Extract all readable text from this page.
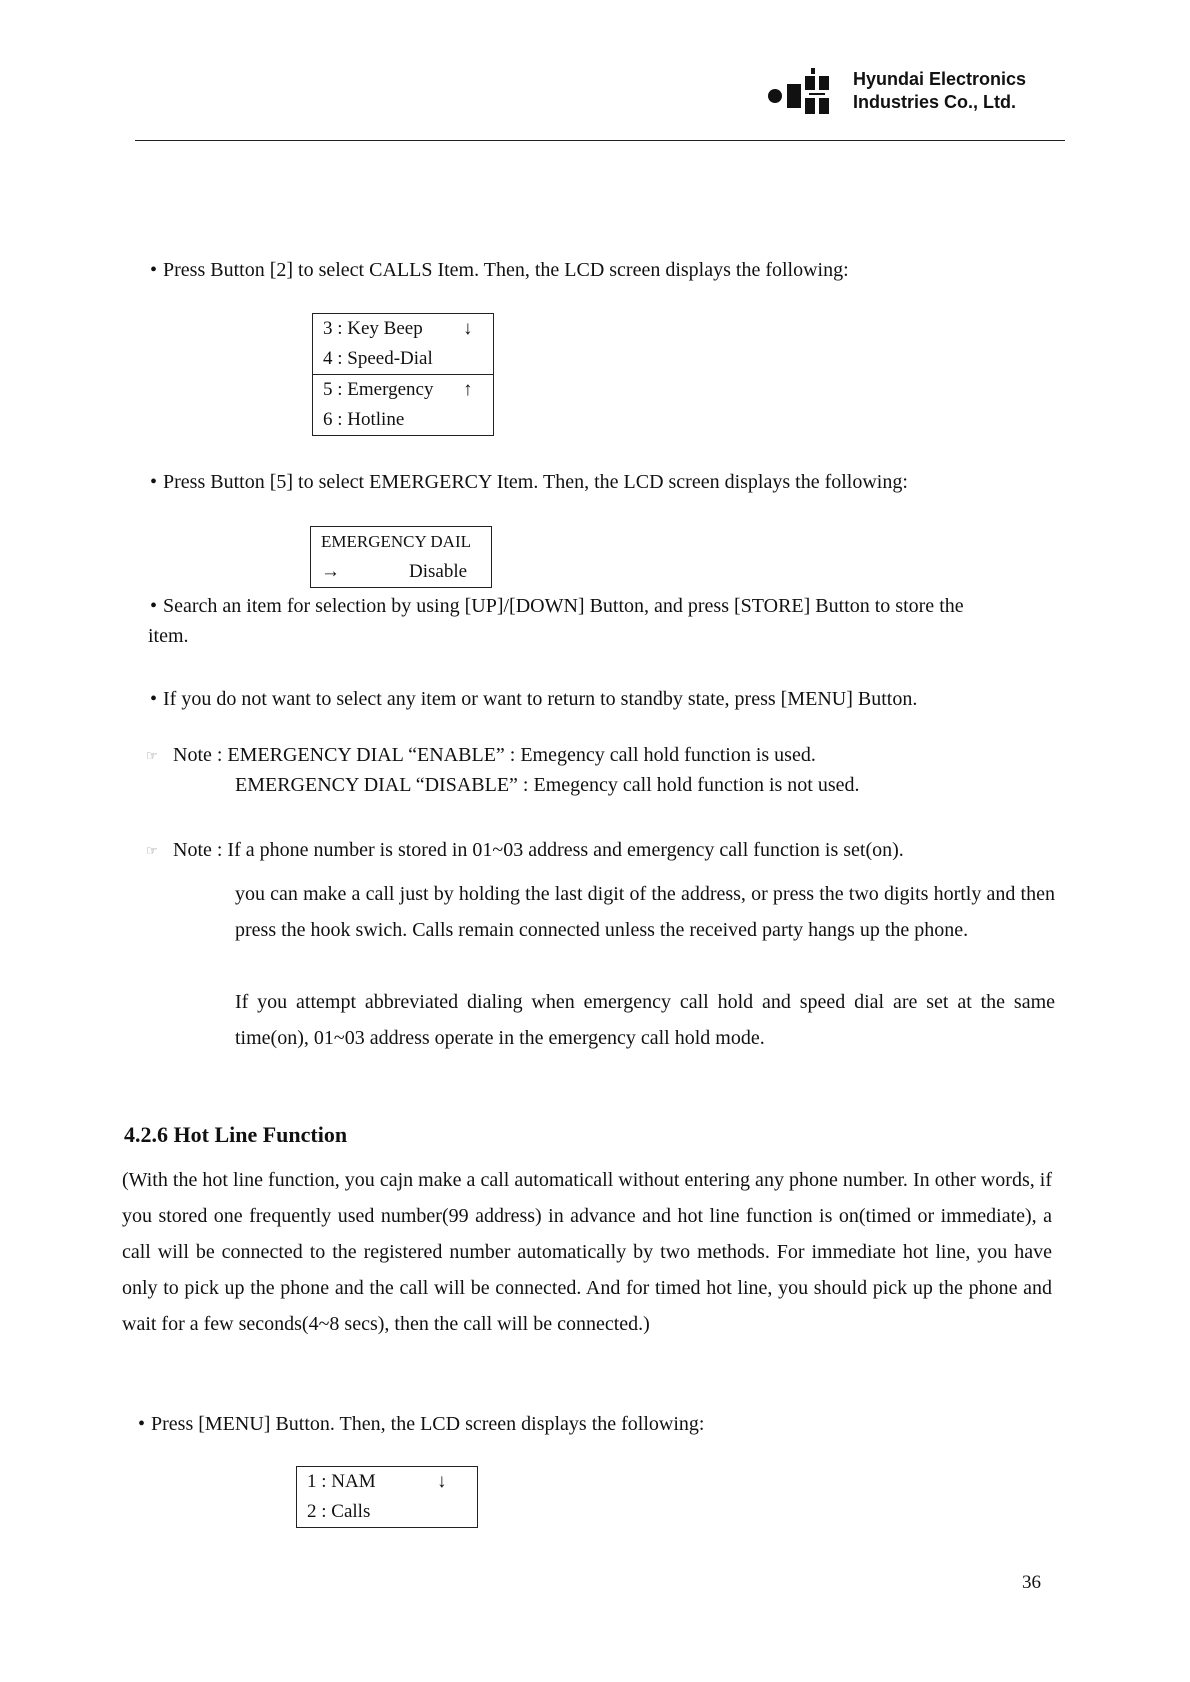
Hyundai Electronics
Industries Co., Ltd.
• Press Button [2] to select CALLS Item. Then, the LCD screen displays the following:
3 : Key Beep ↓
4 : Speed-Dial
5 : Emergency ↑
6 : Hotline
• Press Button [5] to select EMERGERCY Item. Then, the LCD screen displays the following:
EMERGENCY DAIL
→	Disable
• Search an item for selection by using [UP]/[DOWN] Button, and press [STORE] Button to store the
item.
• If you do not want to select any item or want to return to standby state, press [MENU] Button.
☞ Note : EMERGENCY DIAL “ENABLE” : Emegency call hold function is used.
EMERGENCY DIAL “DISABLE” : Emegency call hold function is not used.
☞ Note : If a phone number is stored in 01~03 address and emergency call function is set(on).
you can make a call just by holding the last digit of the address, or press the two digits hortly and then press the hook swich. Calls remain connected unless the received party hangs up the phone.
If you attempt abbreviated dialing when emergency call hold and speed dial are set at the same time(on), 01~03 address operate in the emergency call hold mode.
4.2.6 Hot Line Function
(With the hot line function, you cajn make a call automaticall without entering any phone number. In other words, if you stored one frequently used number(99 address) in advance and hot line function is on(timed or immediate), a call will be connected to the registered number automatically by two methods. For immediate hot line, you have only to pick up the phone and the call will be connected. And for timed hot line, you should pick up the phone and wait for a few seconds(4~8 secs), then the call will be connected.)
• Press [MENU] Button. Then, the LCD screen displays the following:
1 : NAM	↓
2 : Calls
36
